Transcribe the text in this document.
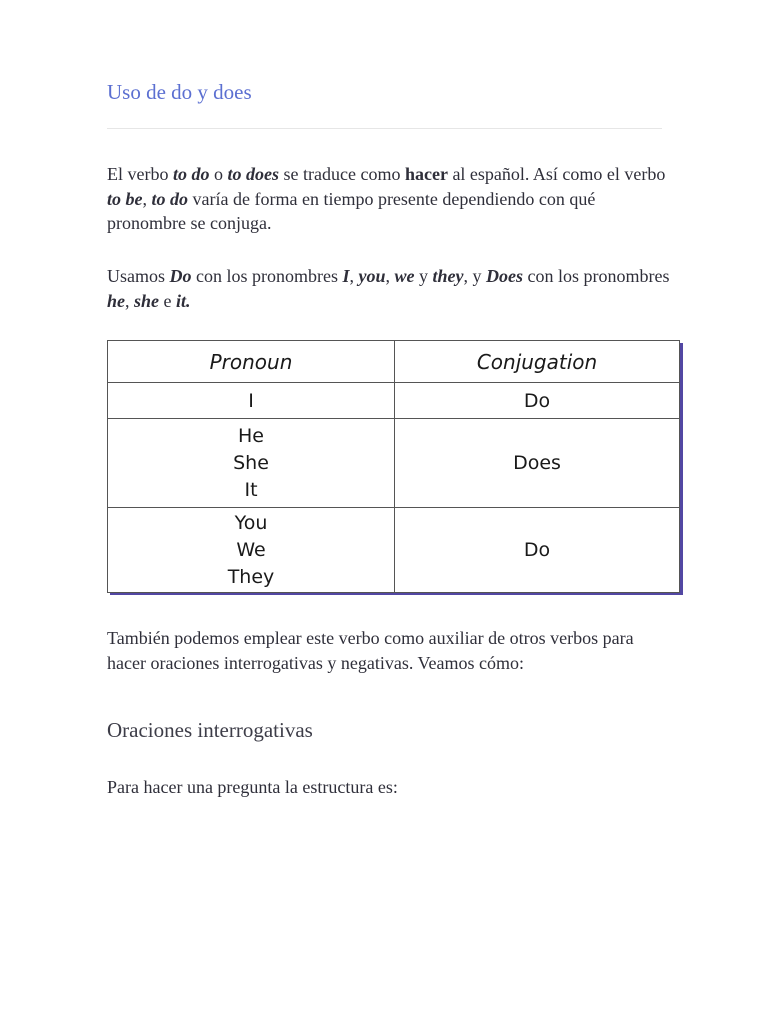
Uso de do y does

El verbo to do o to does se traduce como hacer al español. Así como el verbo to be, to do varía de forma en tiempo presente dependiendo con qué pronombre se conjuga.

Usamos Do con los pronombres I, you, we y they, y Does con los pronombres he, she e it.

Pronoun	Conjugation

I	Do

He
She
It	Does

You
We
They	Do

También podemos emplear este verbo como auxiliar de otros verbos para hacer oraciones interrogativas y negativas. Veamos cómo:

Oraciones interrogativas

Para hacer una pregunta la estructura es:
